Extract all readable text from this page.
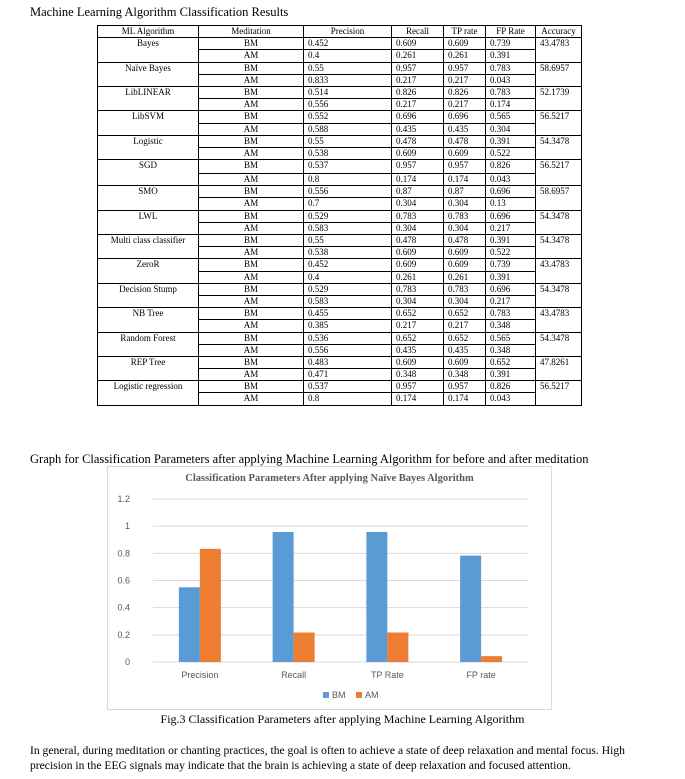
Machine Learning Algorithm Classification Results
ML Algorithm	Meditation	Precision	Recall	TP rate	FP Rate	Accuracy
Bayes	BM	0.452	0.609	0.609	0.739	43.4783
	AM	0.4	0.261	0.261	0.391	
Naïve Bayes	BM	0.55	0.957	0.957	0.783	58.6957
	AM	0.833	0.217	0.217	0.043	
LibLINEAR	BM	0.514	0.826	0.826	0.783	52.1739
	AM	0.556	0.217	0.217	0.174	
LibSVM	BM	0.552	0.696	0.696	0.565	56.5217
	AM	0.588	0.435	0.435	0.304	
Logistic	BM	0.55	0.478	0.478	0.391	54.3478
	AM	0.538	0.609	0.609	0.522	
SGD	BM	0.537	0.957	0.957	0.826	56.5217
	AM	0.8	0.174	0.174	0.043	
SMO	BM	0.556	0.87	0.87	0.696	58.6957
	AM	0.7	0.304	0.304	0.13	
LWL	BM	0.529	0.783	0.783	0.696	54.3478
	AM	0.583	0.304	0.304	0.217	
Multi class classifier	BM	0.55	0.478	0.478	0.391	54.3478
	AM	0.538	0.609	0.609	0.522	
ZeroR	BM	0.452	0.609	0.609	0.739	43.4783
	AM	0.4	0.261	0.261	0.391	
Decision Stump	BM	0.529	0.783	0.783	0.696	54.3478
	AM	0.583	0.304	0.304	0.217	
NB Tree	BM	0.455	0.652	0.652	0.783	43.4783
	AM	0.385	0.217	0.217	0.348	
Random Forest	BM	0.536	0.652	0.652	0.565	54.3478
	AM	0.556	0.435	0.435	0.348	
REP Tree	BM	0.483	0.609	0.609	0.652	47.8261
	AM	0.471	0.348	0.348	0.391	
Logistic regression	BM	0.537	0.957	0.957	0.826	56.5217
	AM	0.8	0.174	0.174	0.043	
Graph for Classification Parameters after applying Machine Learning Algorithm for before and after meditation
Classification Parameters After applying Naïve Bayes Algorithm
0
0.2
0.4
0.6
0.8
1
1.2
Precision	Recall	TP Rate	FP rate
BM AM
Fig.3 Classification Parameters after applying Machine Learning Algorithm
In general, during meditation or chanting practices, the goal is often to achieve a state of deep relaxation and mental focus. High precision in the EEG signals may indicate that the brain is achieving a state of deep relaxation and focused attention.
